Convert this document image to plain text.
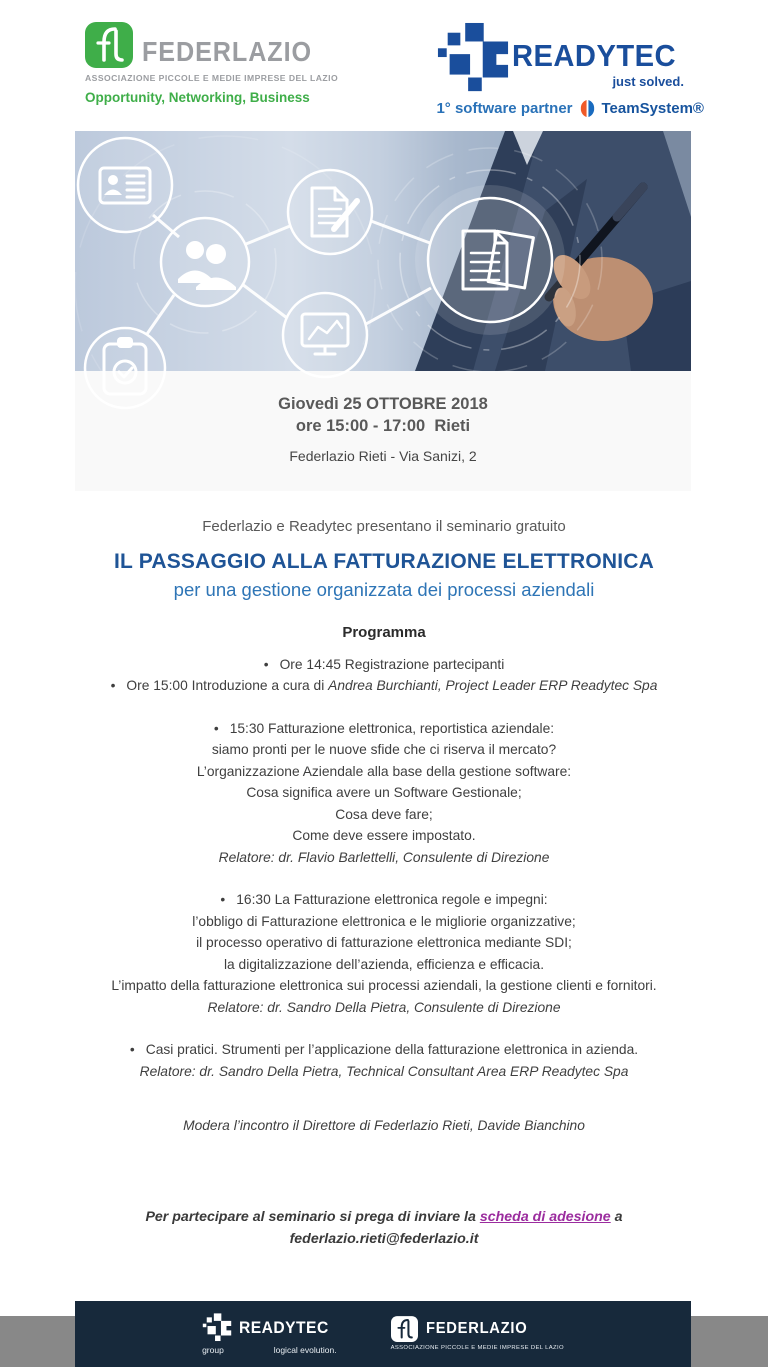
FEDERLAZIO
ASSOCIAZIONE PICCOLE E MEDIE IMPRESE DEL LAZIO
Opportunity, Networking, Business
READYTEC
just solved.
1° software partner TeamSystem®
Giovedì 25 OTTOBRE 2018
ore 15:00 - 17:00  Rieti
Federlazio Rieti - Via Sanizi, 2

Federlazio e Readytec presentano il seminario gratuito

IL PASSAGGIO ALLA FATTURAZIONE ELETTRONICA
per una gestione organizzata dei processi aziendali
Programma

• Ore 14:45 Registrazione partecipanti

• Ore 15:00 Introduzione a cura di Andrea Burchianti, Project Leader ERP Readytec Spa

• 15:30 Fatturazione elettronica, reportistica aziendale:

siamo pronti per le nuove sfide che ci riserva il mercato?

L’organizzazione Aziendale alla base della gestione software:

Cosa significa avere un Software Gestionale;

Cosa deve fare;

Come deve essere impostato.

Relatore: dr. Flavio Barlettelli, Consulente di Direzione

• 16:30 La Fatturazione elettronica regole e impegni:

l’obbligo di Fatturazione elettronica e le migliorie organizzative;

il processo operativo di fatturazione elettronica mediante SDI;

la digitalizzazione dell’azienda, efficienza e efficacia.

L’impatto della fatturazione elettronica sui processi aziendali, la gestione clienti e fornitori.

Relatore: dr. Sandro Della Pietra, Consulente di Direzione

• Casi pratici. Strumenti per l’applicazione della fatturazione elettronica in azienda.

Relatore: dr. Sandro Della Pietra, Technical Consultant Area ERP Readytec Spa

Modera l’incontro il Direttore di Federlazio Rieti, Davide Bianchino

Per partecipare al seminario si prega di inviare la scheda di adesione a

federlazio.rieti@federlazio.it

READYTEC
group	logical evolution.
FEDERLAZIO
ASSOCIAZIONE PICCOLE E MEDIE IMPRESE DEL LAZIO
